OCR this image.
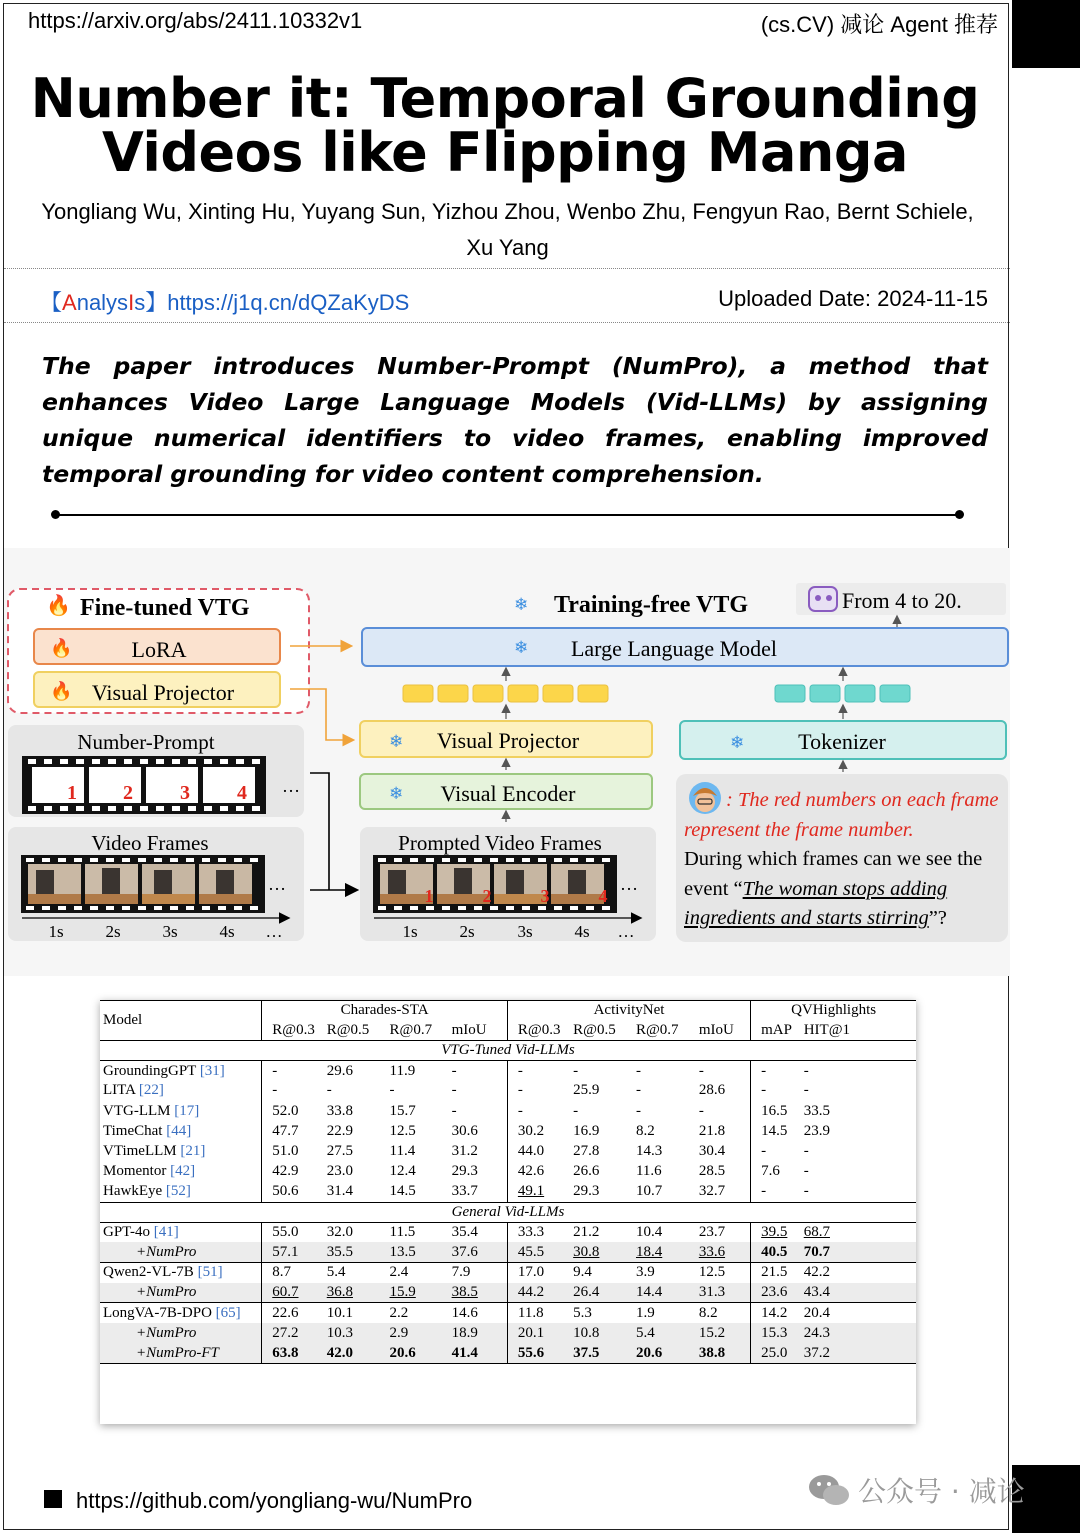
https://arxiv.org/abs/2411.10332v1	(cs.CV) 减论 Agent 推荐
Number it: Temporal Grounding
Videos like Flipping Manga
Yongliang Wu, Xinting Hu, Yuyang Sun, Yizhou Zhou, Wenbo Zhu, Fengyun Rao, Bernt Schiele, Xu Yang
【AnalysIs】https://j1q.cn/dQZaKyDS	Uploaded Date: 2024-11-15
The paper introduces Number-Prompt (NumPro), a method that enhances Video Large Language Models (Vid-LLMs) by assigning unique numerical identifiers to video frames, enabling improved temporal grounding for video content comprehension.
🔥 Fine-tuned VTG
🔥	LoRA
🔥 Visual Projector
❄ Training-free VTG	From 4 to 20.
❄ Large Language Model
❄ Visual Projector
❄ Visual Encoder
❄ Tokenizer
Number-Prompt
1 2 3 4 …
Video Frames
…
1s 2s 3s 4s …
Prompted Video Frames
1	2	3	4
…
1s 2s	3s 4s …
: The red numbers on each frame represent the frame number.
During which frames can we see the event “The woman stops adding ingredients and starts stirring”?
Model	Charades-STA				ActivityNet				QVHighlights	
	R@0.3	R@0.5	R@0.7	mIoU	R@0.3	R@0.5	R@0.7	mIoU	mAP	HIT@1
VTG-Tuned Vid-LLMs										
GroundingGPT [31]	-	29.6	11.9	-	-	-	-	-	-	-
LITA [22]	-	-	-	-	-	25.9	-	28.6	-	-
VTG-LLM [17]	52.0	33.8	15.7	-	-	-	-	-	16.5	33.5
TimeChat [44]	47.7	22.9	12.5	30.6	30.2	16.9	8.2	21.8	14.5	23.9
VTimeLLM [21]	51.0	27.5	11.4	31.2	44.0	27.8	14.3	30.4	-	-
Momentor [42]	42.9	23.0	12.4	29.3	42.6	26.6	11.6	28.5	7.6	-
HawkEye [52]	50.6	31.4	14.5	33.7	49.1	29.3	10.7	32.7	-	-
General Vid-LLMs										
GPT-4o [41]	55.0	32.0	11.5	35.4	33.3	21.2	10.4	23.7	39.5	68.7
+NumPro	57.1	35.5	13.5	37.6	45.5	30.8	18.4	33.6	40.5	70.7
Qwen2-VL-7B [51]	8.7	5.4	2.4	7.9	17.0	9.4	3.9	12.5	21.5	42.2
+NumPro	60.7	36.8	15.9	38.5	44.2	26.4	14.4	31.3	23.6	43.4
LongVA-7B-DPO [65]	22.6	10.1	2.2	14.6	11.8	5.3	1.9	8.2	14.2	20.4
+NumPro	27.2	10.3	2.9	18.9	20.1	10.8	5.4	15.2	15.3	24.3
+NumPro-FT	63.8	42.0	20.6	41.4	55.6	37.5	20.6	38.8	25.0	37.2
https://github.com/yongliang-wu/NumPro	公众号 · 减论
